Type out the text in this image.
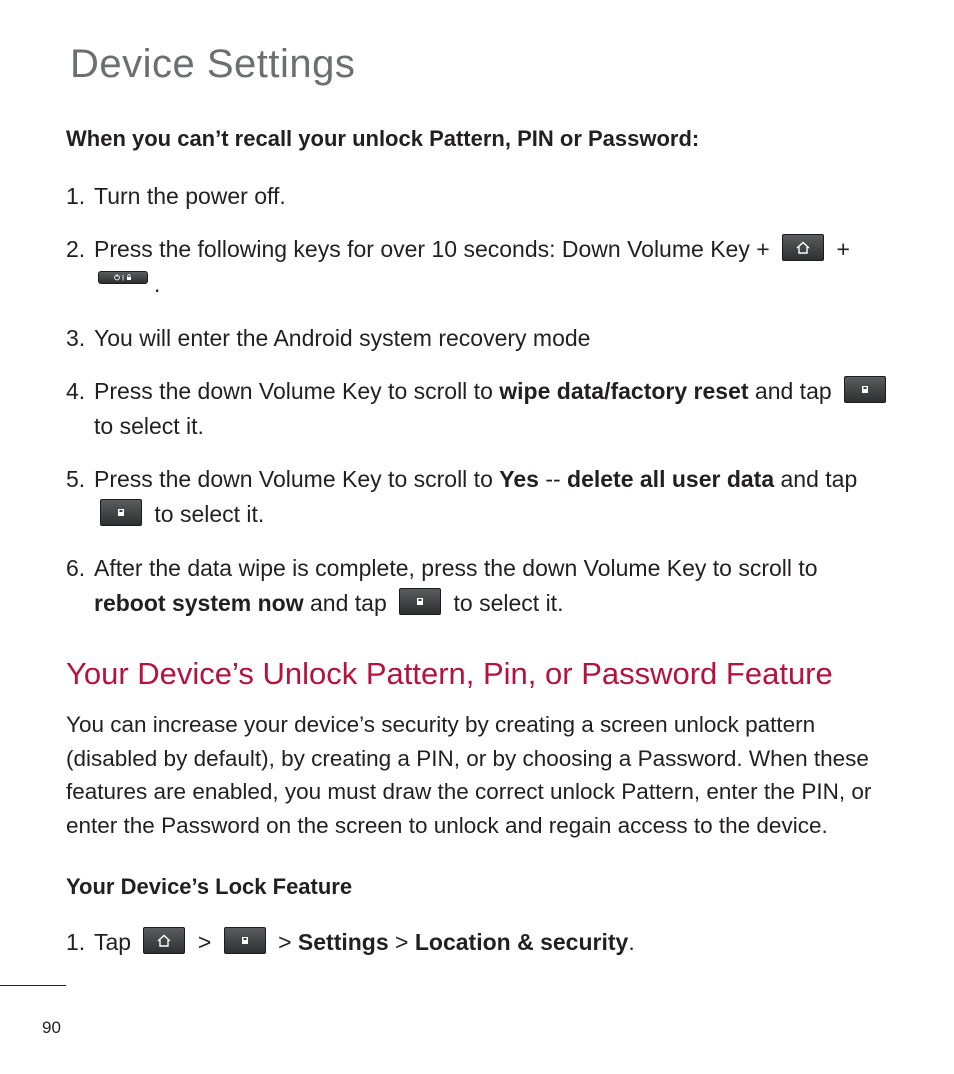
Device Settings
When you can’t recall your unlock Pattern, PIN or Password:
1. Turn the power off.
2. Press the following keys for over 10 seconds: Down Volume Key +	+

.
3. You will enter the Android system recovery mode
4. Press the down Volume Key to scroll to wipe data/factory reset and tap

to select it.
5. Press the down Volume Key to scroll to Yes -- delete all user data and tap

to select it.
6. After the data wipe is complete, press the down Volume Key to scroll to
reboot system now and tap	to select it.
Your Device’s Unlock Pattern, Pin, or Password Feature

You can increase your device’s security by creating a screen unlock pattern (disabled by default), by creating a PIN, or by choosing a Password. When these features are enabled, you must draw the correct unlock Pattern, enter the PIN, or enter the Password on the screen to unlock and regain access to the device.

Your Device’s Lock Feature
1. Tap	>	> Settings > Location & security.
90
